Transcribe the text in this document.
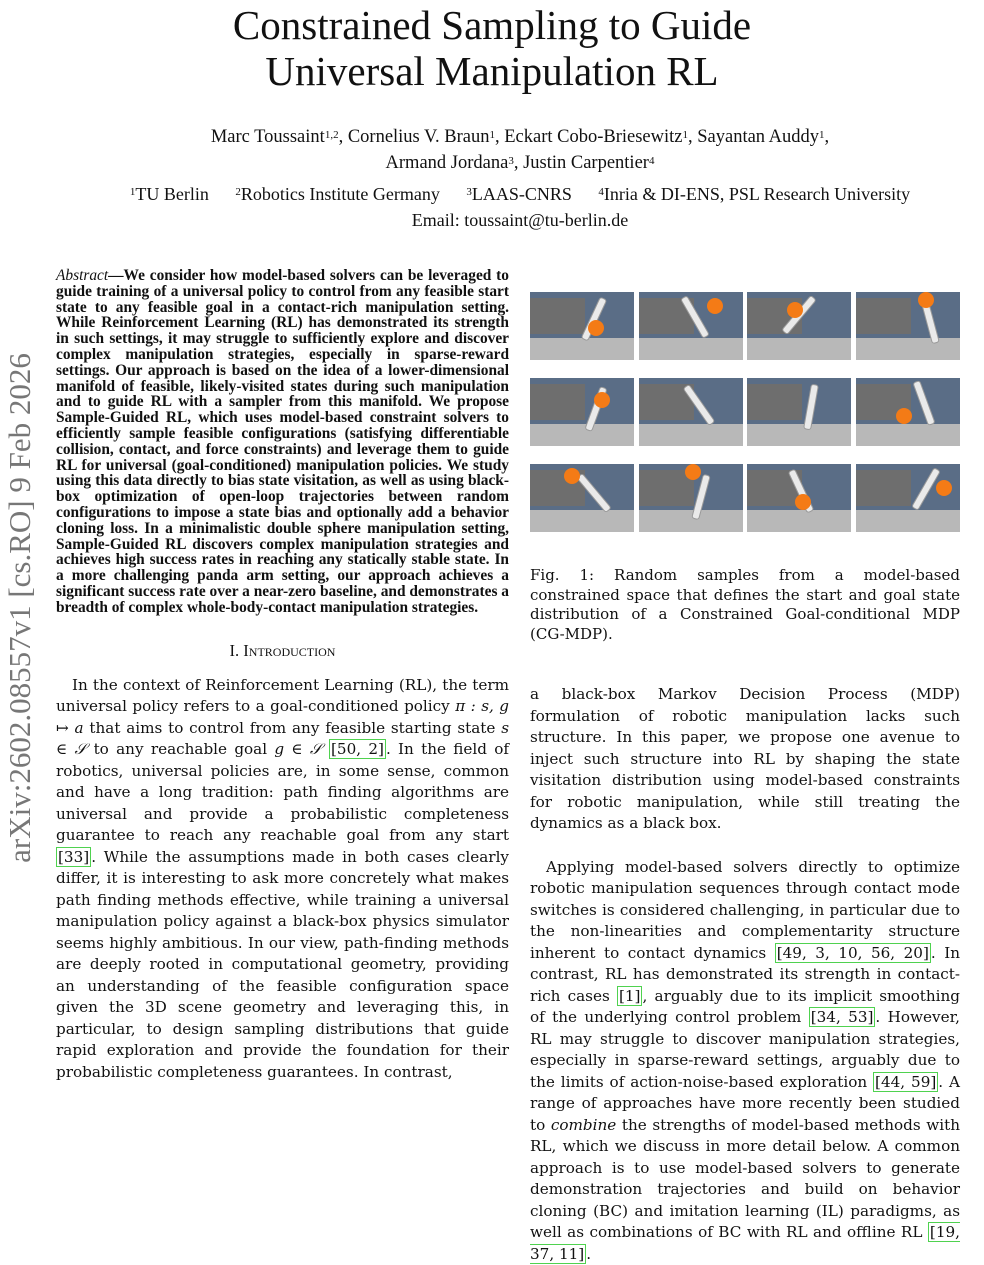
Constrained Sampling to Guide
Universal Manipulation RL
Marc Toussaint$^{1,2}$, Cornelius V. Braun$^1$, Eckart Cobo-Briesewitz$^1$, Sayantan Auddy$^1$,
Armand Jordana$^3$, Justin Carpentier$^4$
$^1$TU Berlin $^2$Robotics Institute Germany $^3$LAAS-CNRS $^4$Inria & DI-ENS, PSL Research University
Email: toussaint@tu-berlin.de
arXiv:2602.08557v1 [cs.RO] 9 Feb 2026

Abstract—We consider how model-based solvers can be leveraged to guide training of a universal policy to control from any feasible start state to any feasible goal in a contact-rich manipulation setting. While Reinforcement Learning (RL) has demonstrated its strength in such settings, it may struggle to sufficiently explore and discover complex manipulation strategies, especially in sparse-reward settings. Our approach is based on the idea of a lower-dimensional manifold of feasible, likely-visited states during such manipulation and to guide RL with a sampler from this manifold. We propose Sample-Guided RL, which uses model-based constraint solvers to efficiently sample feasible configurations (satisfying differentiable collision, contact, and force constraints) and leverage them to guide RL for universal (goal-conditioned) manipulation policies. We study using this data directly to bias state visitation, as well as using black-box optimization of open-loop trajectories between random configurations to impose a state bias and optionally add a behavior cloning loss. In a minimalistic double sphere manipulation setting, Sample-Guided RL discovers complex manipulation strategies and achieves high success rates in reaching any statically stable state. In a more challenging panda arm setting, our approach achieves a significant success rate over a near-zero baseline, and demonstrates a breadth of complex whole-body-contact manipulation strategies.

I. Introduction

In the context of Reinforcement Learning (RL), the term universal policy refers to a goal-conditioned policy π : s, g ↦ a that aims to control from any feasible starting state s ∈ 𝒮 to any reachable goal g ∈ 𝒮 [50, 2] . In the field of robotics, universal policies are, in some sense, common and have a long tradition: path finding algorithms are universal and provide a probabilistic completeness guarantee to reach any reachable goal from any start [33] . While the assumptions made in both cases clearly differ, it is interesting to ask more concretely what makes path finding methods effective, while training a universal manipulation policy against a black-box physics simulator seems highly ambitious. In our view, path-finding methods are deeply rooted in computational geometry, providing an understanding of the feasible configuration space given the 3D scene geometry and leveraging this, in particular, to design sampling distributions that guide rapid exploration and provide the foundation for their probabilistic completeness guarantees. In contrast,

Fig. 1: Random samples from a model-based constrained space that defines the start and goal state distribution of a Constrained Goal-conditional MDP (CG-MDP).

a black-box Markov Decision Process (MDP) formulation of robotic manipulation lacks such structure. In this paper, we propose one avenue to inject such structure into RL by shaping the state visitation distribution using model-based constraints for robotic manipulation, while still treating the dynamics as a black box.

Applying model-based solvers directly to optimize robotic manipulation sequences through contact mode switches is considered challenging, in particular due to the non-linearities and complementarity structure inherent to contact dynamics [49, 3, 10, 56, 20] . In contrast, RL has demonstrated its strength in contact-rich cases [1] , arguably due to its implicit smoothing of the underlying control problem [34, 53] . However, RL may struggle to discover manipulation strategies, especially in sparse-reward settings, arguably due to the limits of action-noise-based exploration [44, 59] . A range of approaches have more recently been studied to combine the strengths of model-based methods with RL, which we discuss in more detail below. A common approach is to use model-based solvers to generate demonstration trajectories and build on behavior cloning (BC) and imitation learning (IL) paradigms, as well as combinations of BC with RL and offline RL [19, 37, 11] .
